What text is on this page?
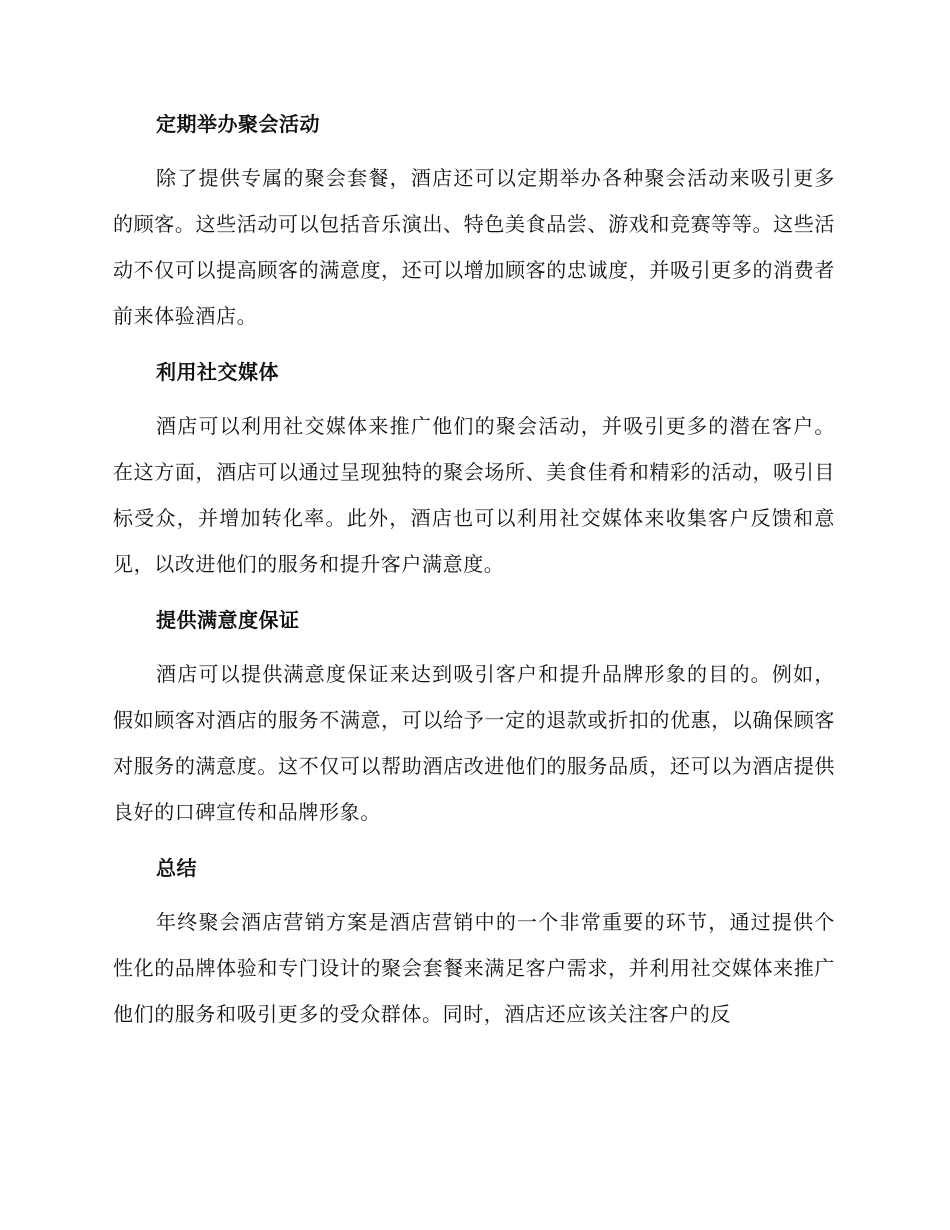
定期举办聚会活动

除了提供专属的聚会套餐，酒店还可以定期举办各种聚会活动来吸引更多的顾客。这些活动可以包括音乐演出、特色美食品尝、游戏和竞赛等等。这些活动不仅可以提高顾客的满意度，还可以增加顾客的忠诚度，并吸引更多的消费者前来体验酒店。

利用社交媒体

酒店可以利用社交媒体来推广他们的聚会活动，并吸引更多的潜在客户。在这方面，酒店可以通过呈现独特的聚会场所、美食佳肴和精彩的活动，吸引目标受众，并增加转化率。此外，酒店也可以利用社交媒体来收集客户反馈和意见，以改进他们的服务和提升客户满意度。

提供满意度保证

酒店可以提供满意度保证来达到吸引客户和提升品牌形象的目的。例如，假如顾客对酒店的服务不满意，可以给予一定的退款或折扣的优惠，以确保顾客对服务的满意度。这不仅可以帮助酒店改进他们的服务品质，还可以为酒店提供良好的口碑宣传和品牌形象。

总结

年终聚会酒店营销方案是酒店营销中的一个非常重要的环节，通过提供个性化的品牌体验和专门设计的聚会套餐来满足客户需求，并利用社交媒体来推广他们的服务和吸引更多的受众群体。同时，酒店还应该关注客户的反
